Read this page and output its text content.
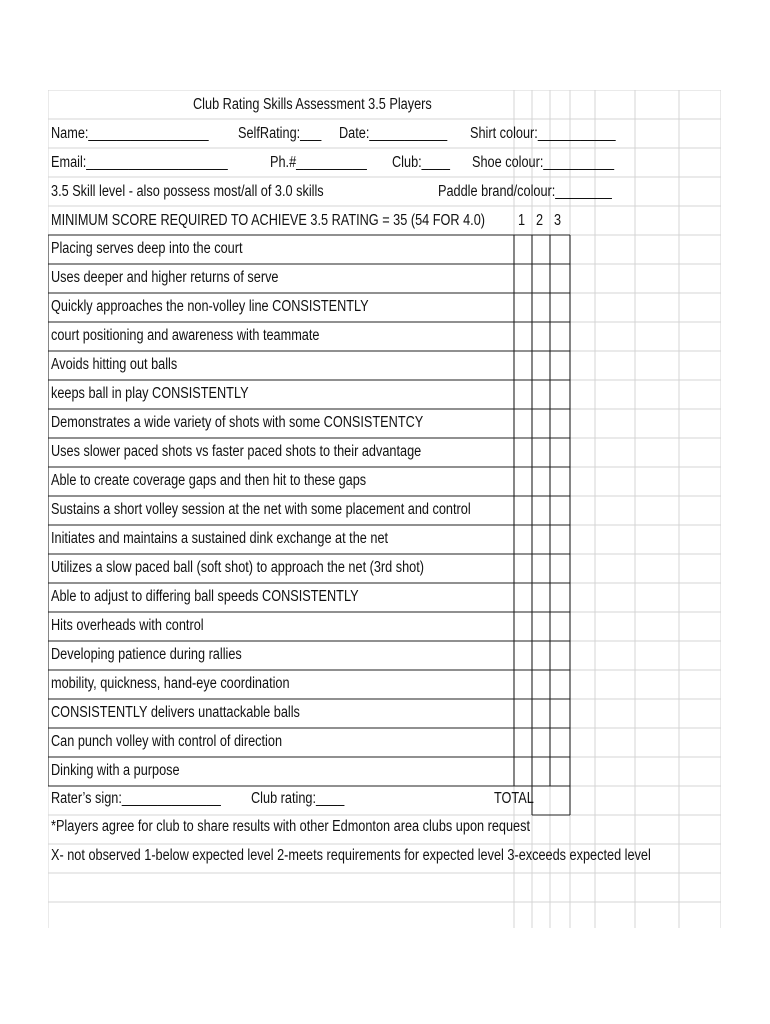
Club Rating Skills Assessment 3.5 Players
Name:_________________ SelfRating:___ Date:___________ Shirt colour:___________
Email:____________________	Ph.#__________ Club:____ Shoe colour:__________
3.5 Skill level - also possess most/all of 3.0 skills	Paddle brand/colour:________
MINIMUM SCORE REQUIRED TO ACHIEVE 3.5 RATING = 35 (54 FOR 4.0) 1 2 3
Placing serves deep into the court
Uses deeper and higher returns of serve
Quickly approaches the non-volley line CONSISTENTLY
court positioning and awareness with teammate
Avoids hitting out balls
keeps ball in play CONSISTENTLY
Demonstrates a wide variety of shots with some CONSISTENTCY
Uses slower paced shots vs faster paced shots to their advantage
Able to create coverage gaps and then hit to these gaps
Sustains a short volley session at the net with some placement and control
Initiates and maintains a sustained dink exchange at the net
Utilizes a slow paced ball (soft shot) to approach the net (3rd shot)
Able to adjust to differing ball speeds CONSISTENTLY
Hits overheads with control
Developing patience during rallies
mobility, quickness, hand-eye coordination
CONSISTENTLY delivers unattackable balls
Can punch volley with control of direction
Dinking with a purpose
Rater’s sign:______________ Club rating:____	TOTAL
*Players agree for club to share results with other Edmonton area clubs upon request
X- not observed 1-below expected level 2-meets requirements for expected level 3-exceeds expected level
